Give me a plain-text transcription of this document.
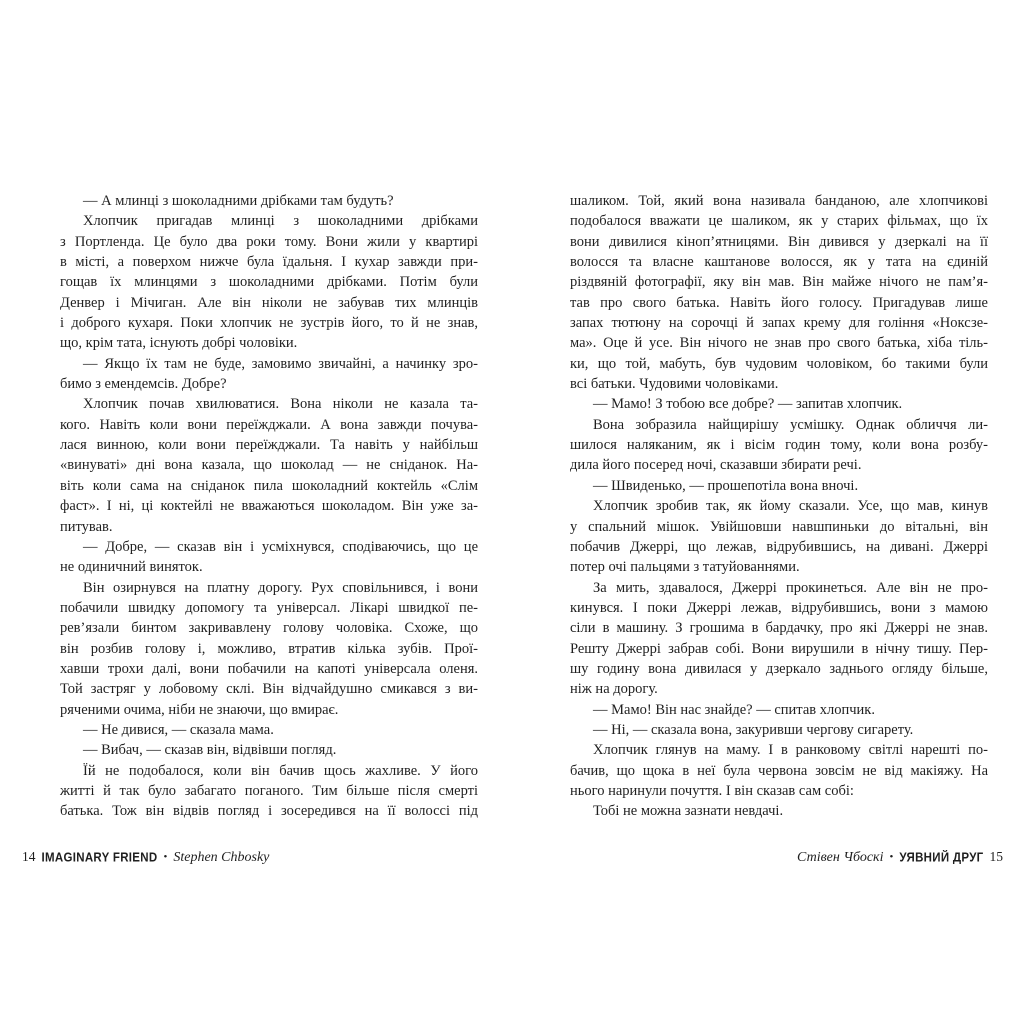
— А млинці з шоколадними дрібками там будуть?
Хлопчик пригадав млинці з шоколадними дрібками
з Портленда. Це було два роки тому. Вони жили у квартирі
в місті, а поверхом нижче була їдальня. І кухар завжди при-
гощав їх млинцями з шоколадними дрібками. Потім були
Денвер і Мічиган. Але він ніколи не забував тих млинців
і доброго кухаря. Поки хлопчик не зустрів його, то й не знав,
що, крім тата, існують добрі чоловіки.
— Якщо їх там не буде, замовимо звичайні, а начинку зро-
бимо з емендемсів. Добре?
Хлопчик почав хвилюватися. Вона ніколи не казала та-
кого. Навіть коли вони переїжджали. А вона завжди почува-
лася винною, коли вони переїжджали. Та навіть у найбільш
«винуваті» дні вона казала, що шоколад — не сніданок. На-
віть коли сама на сніданок пила шоколадний коктейль «Слім
фаст». І ні, ці коктейлі не вважаються шоколадом. Він уже за-
питував.
— Добре, — сказав він і усміхнувся, сподіваючись, що це
не одиничний виняток.
Він озирнувся на платну дорогу. Рух сповільнився, і вони
побачили швидку допомогу та універсал. Лікарі швидкої пе-
рев’язали бинтом закривавлену голову чоловіка. Схоже, що
він розбив голову і, можливо, втратив кілька зубів. Прої-
хавши трохи далі, вони побачили на капоті універсала оленя.
Той застряг у лобовому склі. Він відчайдушно смикався з ви-
ряченими очима, ніби не знаючи, що вмирає.
— Не дивися, — сказала мама.
— Вибач, — сказав він, відвівши погляд.
Їй не подобалося, коли він бачив щось жахливе. У його
житті й так було забагато поганого. Тим більше після смерті
батька. Тож він відвів погляд і зосередився на її волоссі під
шаликом. Той, який вона називала банданою, але хлопчикові
подобалося вважати це шаликом, як у старих фільмах, що їх
вони дивилися кіноп’ятницями. Він дивився у дзеркалі на її
волосся та власне каштанове волосся, як у тата на єдиній
різдвяній фотографії, яку він мав. Він майже нічого не пам’я-
тав про свого батька. Навіть його голосу. Пригадував лише
запах тютюну на сорочці й запах крему для гоління «Ноксзе-
ма». Оце й усе. Він нічого не знав про свого батька, хіба тіль-
ки, що той, мабуть, був чудовим чоловіком, бо такими були
всі батьки. Чудовими чоловіками.
— Мамо! З тобою все добре? — запитав хлопчик.
Вона зобразила найщирішу усмішку. Однак обличчя ли-
шилося наляканим, як і вісім годин тому, коли вона розбу-
дила його посеред ночі, сказавши збирати речі.
— Швиденько, — прошепотіла вона вночі.
Хлопчик зробив так, як йому сказали. Усе, що мав, кинув
у спальний мішок. Увійшовши навшпиньки до вітальні, він
побачив Джеррі, що лежав, відрубившись, на дивані. Джеррі
потер очі пальцями з татуйованнями.
За мить, здавалося, Джеррі прокинеться. Але він не про-
кинувся. І поки Джеррі лежав, відрубившись, вони з мамою
сіли в машину. З грошима в бардачку, про які Джеррі не знав.
Решту Джеррі забрав собі. Вони вирушили в нічну тишу. Пер-
шу годину вона дивилася у дзеркало заднього огляду більше,
ніж на дорогу.
— Мамо! Він нас знайде? — спитав хлопчик.
— Ні, — сказала вона, закуривши чергову сигарету.
Хлопчик глянув на маму. І в ранковому світлі нарешті по-
бачив, що щока в неї була червона зовсім не від макіяжу. На
нього наринули почуття. І він сказав сам собі:
Тобі не можна зазнати невдачі.
14 IMAGINARY FRIEND • Stephen Chbosky	Стівен Чбоскі • УЯВНИЙ ДРУГ 15
